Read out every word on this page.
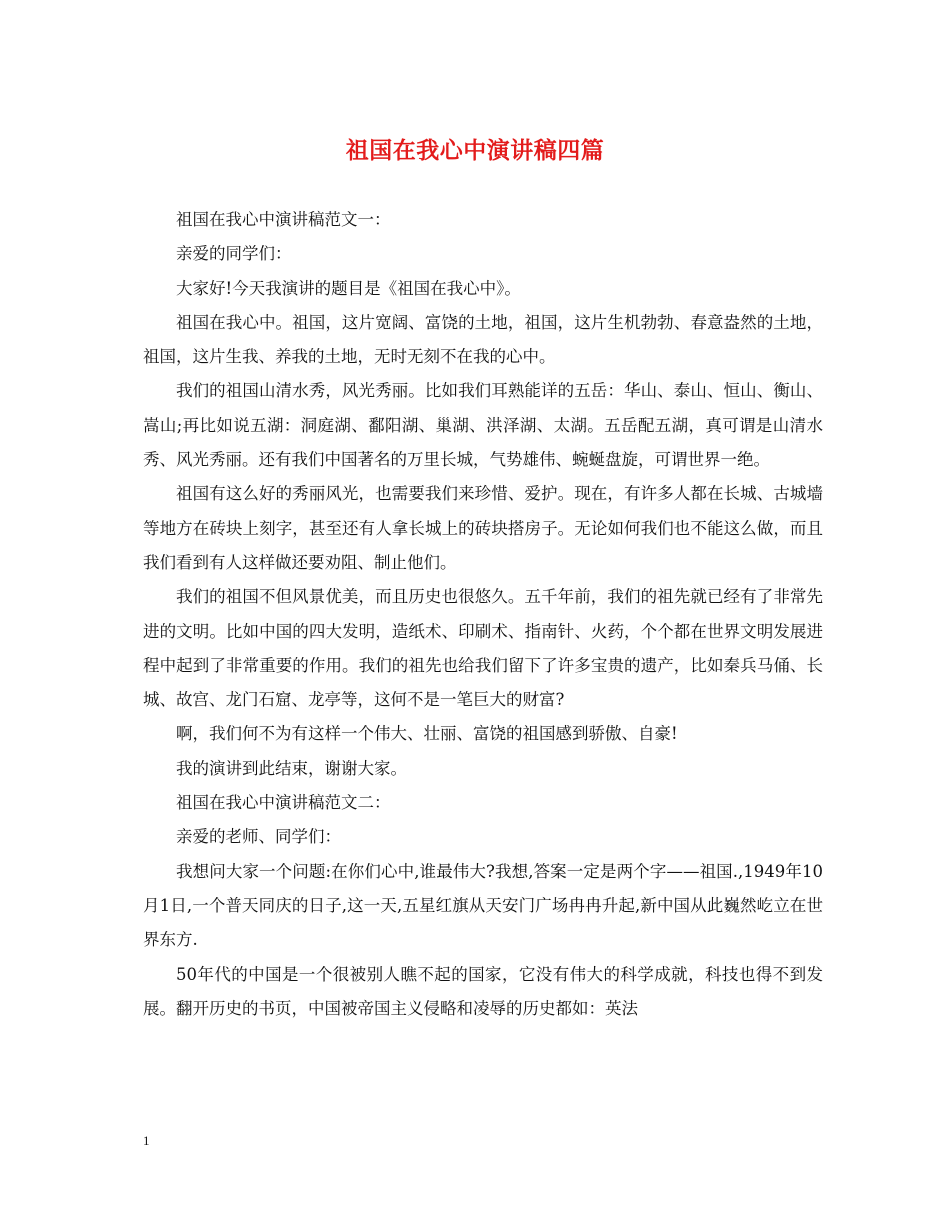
祖国在我心中演讲稿四篇

祖国在我心中演讲稿范文一：

亲爱的同学们：

大家好!今天我演讲的题目是《祖国在我心中》。

祖国在我心中。祖国，这片宽阔、富饶的土地，祖国，这片生机勃勃、春意盎然的土地，祖国，这片生我、养我的土地，无时无刻不在我的心中。

我们的祖国山清水秀，风光秀丽。比如我们耳熟能详的五岳：华山、泰山、恒山、衡山、嵩山;再比如说五湖：洞庭湖、鄱阳湖、巢湖、洪泽湖、太湖。五岳配五湖，真可谓是山清水秀、风光秀丽。还有我们中国著名的万里长城，气势雄伟、蜿蜒盘旋，可谓世界一绝。

祖国有这么好的秀丽风光，也需要我们来珍惜、爱护。现在，有许多人都在长城、古城墙等地方在砖块上刻字，甚至还有人拿长城上的砖块搭房子。无论如何我们也不能这么做，而且我们看到有人这样做还要劝阻、制止他们。

我们的祖国不但风景优美，而且历史也很悠久。五千年前，我们的祖先就已经有了非常先进的文明。比如中国的四大发明，造纸术、印刷术、指南针、火药，个个都在世界文明发展进程中起到了非常重要的作用。我们的祖先也给我们留下了许多宝贵的遗产，比如秦兵马俑、长城、故宫、龙门石窟、龙亭等，这何不是一笔巨大的财富?

啊，我们何不为有这样一个伟大、壮丽、富饶的祖国感到骄傲、自豪!

我的演讲到此结束，谢谢大家。

祖国在我心中演讲稿范文二：

亲爱的老师、同学们：

我想问大家一个问题:在你们心中,谁最伟大?我想,答案一定是两个字——祖国.,1949年10月1日,一个普天同庆的日子,这一天,五星红旗从天安门广场冉冉升起,新中国从此巍然屹立在世界东方.

50年代的中国是一个很被别人瞧不起的国家，它没有伟大的科学成就，科技也得不到发展。翻开历史的书页，中国被帝国主义侵略和凌辱的历史都如：英法

1
